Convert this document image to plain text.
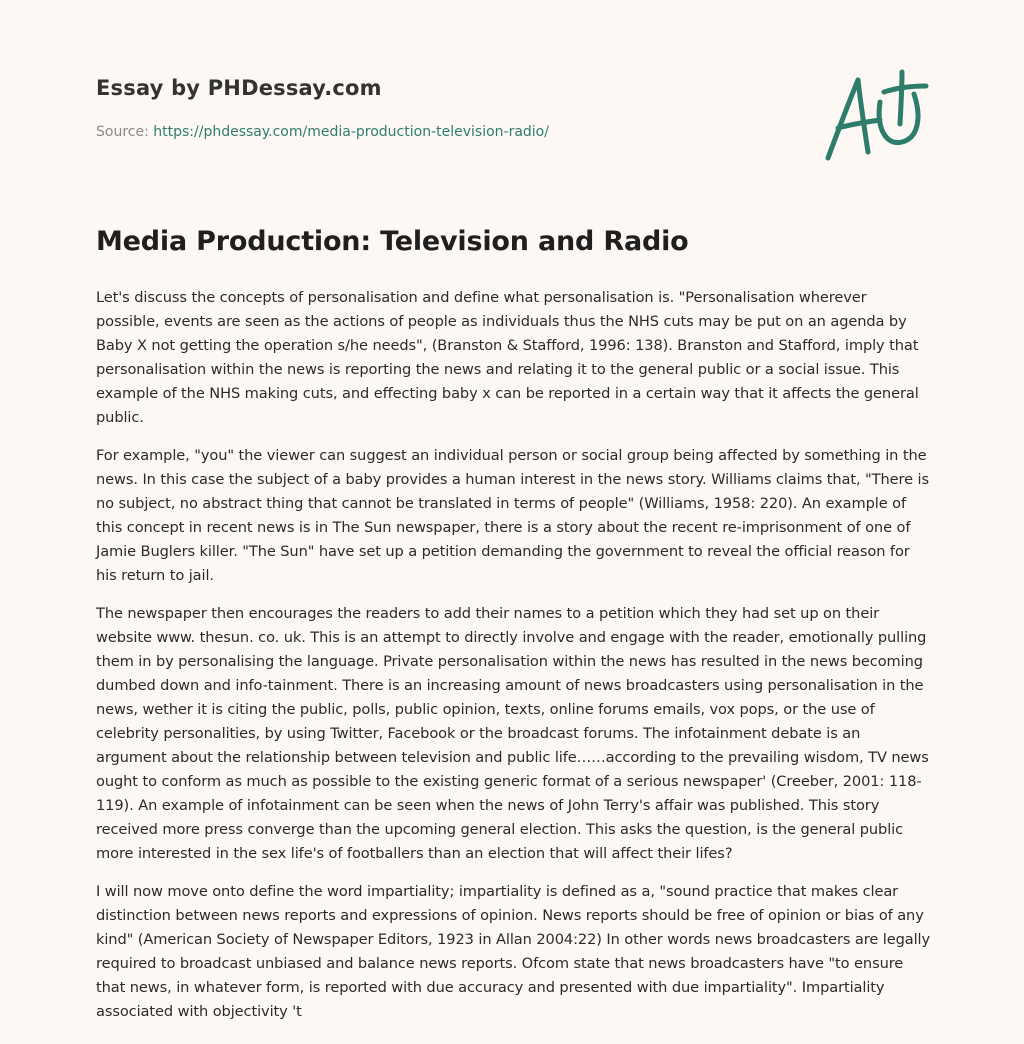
Essay by PHDessay.com

Source: https://phdessay.com/media-production-television-radio/

Media Production: Television and Radio

Let's discuss the concepts of personalisation and define what personalisation is. "Personalisation wherever possible, events are seen as the actions of people as individuals thus the NHS cuts may be put on an agenda by Baby X not getting the operation s/he needs", (Branston & Stafford, 1996: 138). Branston and Stafford, imply that personalisation within the news is reporting the news and relating it to the general public or a social issue. This example of the NHS making cuts, and effecting baby x can be reported in a certain way that it affects the general public.

For example, "you" the viewer can suggest an individual person or social group being affected by something in the news. In this case the subject of a baby provides a human interest in the news story. Williams claims that, "There is no subject, no abstract thing that cannot be translated in terms of people" (Williams, 1958: 220). An example of this concept in recent news is in The Sun newspaper, there is a story about the recent re-imprisonment of one of Jamie Buglers killer. "The Sun" have set up a petition demanding the government to reveal the official reason for his return to jail.

The newspaper then encourages the readers to add their names to a petition which they had set up on their website www. thesun. co. uk. This is an attempt to directly involve and engage with the reader, emotionally pulling them in by personalising the language. Private personalisation within the news has resulted in the news becoming dumbed down and info-tainment. There is an increasing amount of news broadcasters using personalisation in the news, wether it is citing the public, polls, public opinion, texts, online forums emails, vox pops, or the use of celebrity personalities, by using Twitter, Facebook or the broadcast forums. The infotainment debate is an argument about the relationship between television and public life……according to the prevailing wisdom, TV news ought to conform as much as possible to the existing generic format of a serious newspaper' (Creeber, 2001: 118-119). An example of infotainment can be seen when the news of John Terry's affair was published. This story received more press converge than the upcoming general election. This asks the question, is the general public more interested in the sex life's of footballers than an election that will affect their lifes?

I will now move onto define the word impartiality; impartiality is defined as a, "sound practice that makes clear distinction between news reports and expressions of opinion. News reports should be free of opinion or bias of any kind" (American Society of Newspaper Editors, 1923 in Allan 2004:22) In other words news broadcasters are legally required to broadcast unbiased and balance news reports. Ofcom state that news broadcasters have "to ensure that news, in whatever form, is reported with due accuracy and presented with due impartiality". Impartiality associated with objectivity 't
